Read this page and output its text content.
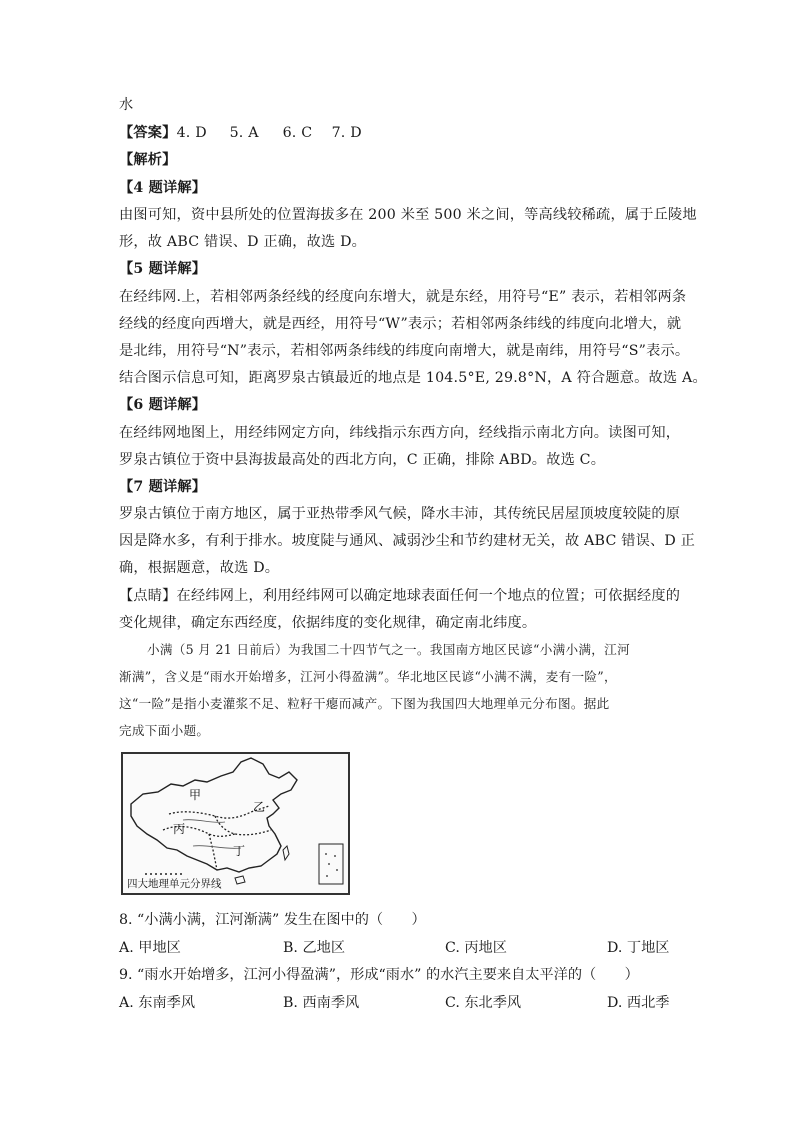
水
【答案】4. D 5. A 6. C 7. D
【解析】
【4 题详解】
由图可知，资中县所处的位置海拔多在 200 米至 500 米之间，等高线较稀疏，属于丘陵地
形，故 ABC 错误、D 正确，故选 D。
【5 题详解】
在经纬网.上，若相邻两条经线的经度向东增大，就是东经，用符号“E” 表示，若相邻两条
经线的经度向西增大，就是西经，用符号“W”表示；若相邻两条纬线的纬度向北增大，就
是北纬，用符号“N”表示，若相邻两条纬线的纬度向南增大，就是南纬，用符号“S”表示。
结合图示信息可知，距离罗泉古镇最近的地点是 104.5°E, 29.8°N，A 符合题意。故选 A。
【6 题详解】
在经纬网地图上，用经纬网定方向，纬线指示东西方向，经线指示南北方向。读图可知，
罗泉古镇位于资中县海拔最高处的西北方向，C 正确，排除 ABD。故选 C。
【7 题详解】
罗泉古镇位于南方地区，属于亚热带季风气候，降水丰沛，其传统民居屋顶坡度较陡的原
因是降水多，有利于排水。坡度陡与通风、减弱沙尘和节约建材无关，故 ABC 错误、D 正
确，根据题意，故选 D。
【点睛】在经纬网上，利用经纬网可以确定地球表面任何一个地点的位置；可依据经度的
变化规律，确定东西经度，依据纬度的变化规律，确定南北纬度。
小满（5 月 21 日前后）为我国二十四节气之一。我国南方地区民谚“小满小满，江河
渐满”，含义是“雨水开始增多，江河小得盈满”。华北地区民谚“小满不满，麦有一险”，
这“一险”是指小麦灌浆不足、粒籽干瘪而减产。下图为我国四大地理单元分布图。据此
完成下面小题。
甲
丙
乙
丁
四大地理单元分界线
8. “小满小满，江河渐满” 发生在图中的（　　）
A. 甲地区	B. 乙地区	C. 丙地区	D. 丁地区
9. “雨水开始增多，江河小得盈满”，形成“雨水” 的水汽主要来自太平洋的（　　）
A. 东南季风	B. 西南季风	C. 东北季风	D. 西北季
